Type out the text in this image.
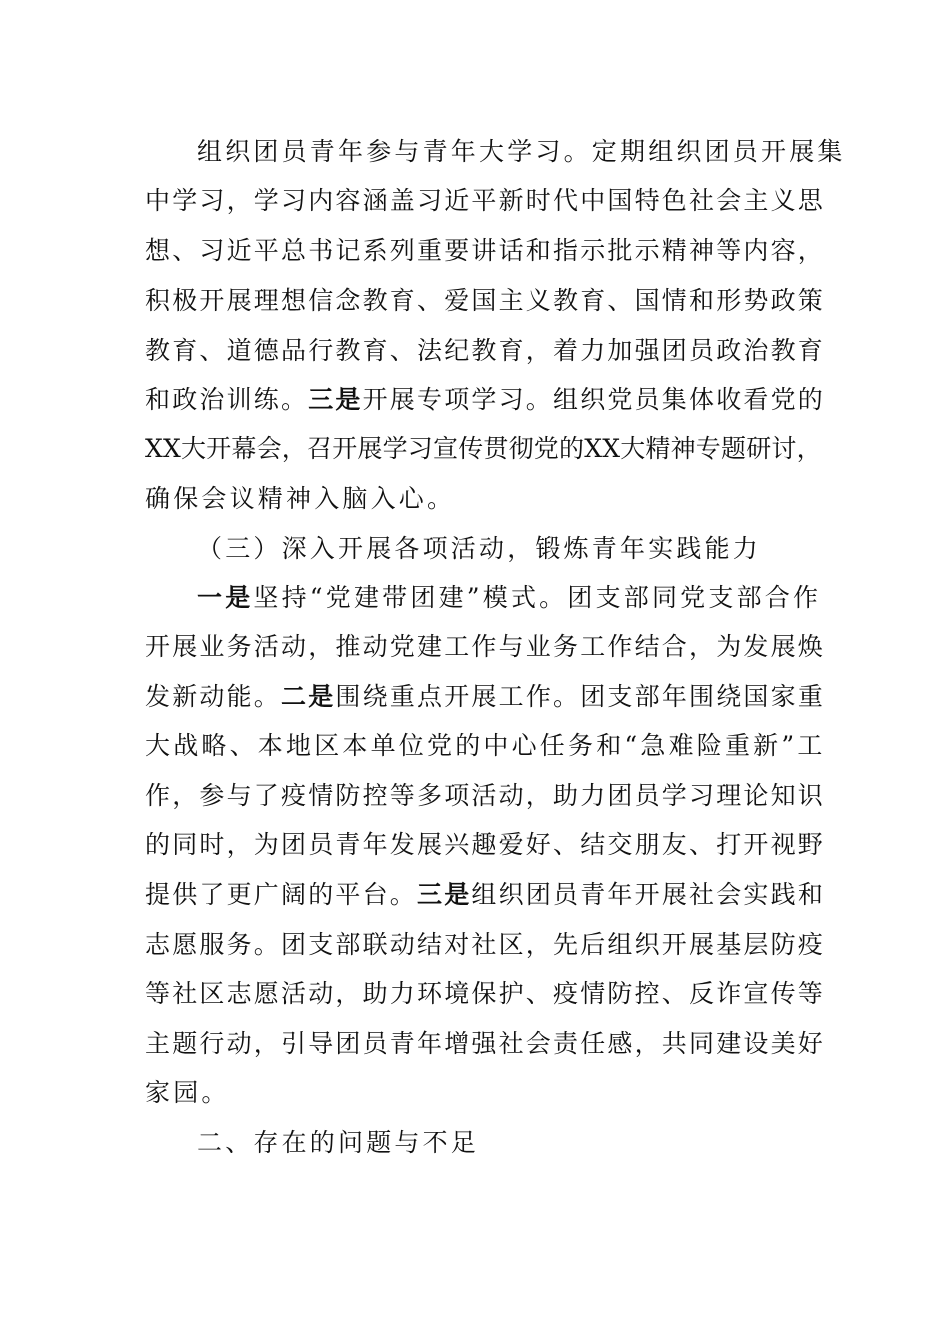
组织团员青年参与青年大学习。定期组织团员开展集
中学习，学习内容涵盖习近平新时代中国特色社会主义思
想、习近平总书记系列重要讲话和指示批示精神等内容，
积极开展理想信念教育、爱国主义教育、国情和形势政策
教育、道德品行教育、法纪教育，着力加强团员政治教育
和政治训练。三是开展专项学习。组织党员集体收看党的
XX大开幕会，召开展学习宣传贯彻党的XX大精神专题研讨，
确保会议精神入脑入心。
（三）深入开展各项活动，锻炼青年实践能力
一是坚持“党建带团建”模式。团支部同党支部合作
开展业务活动，推动党建工作与业务工作结合，为发展焕
发新动能。二是围绕重点开展工作。团支部年围绕国家重
大战略、本地区本单位党的中心任务和“急难险重新”工
作，参与了疫情防控等多项活动，助力团员学习理论知识
的同时，为团员青年发展兴趣爱好、结交朋友、打开视野
提供了更广阔的平台。三是组织团员青年开展社会实践和
志愿服务。团支部联动结对社区，先后组织开展基层防疫
等社区志愿活动，助力环境保护、疫情防控、反诈宣传等
主题行动，引导团员青年增强社会责任感，共同建设美好
家园。
二、存在的问题与不足
